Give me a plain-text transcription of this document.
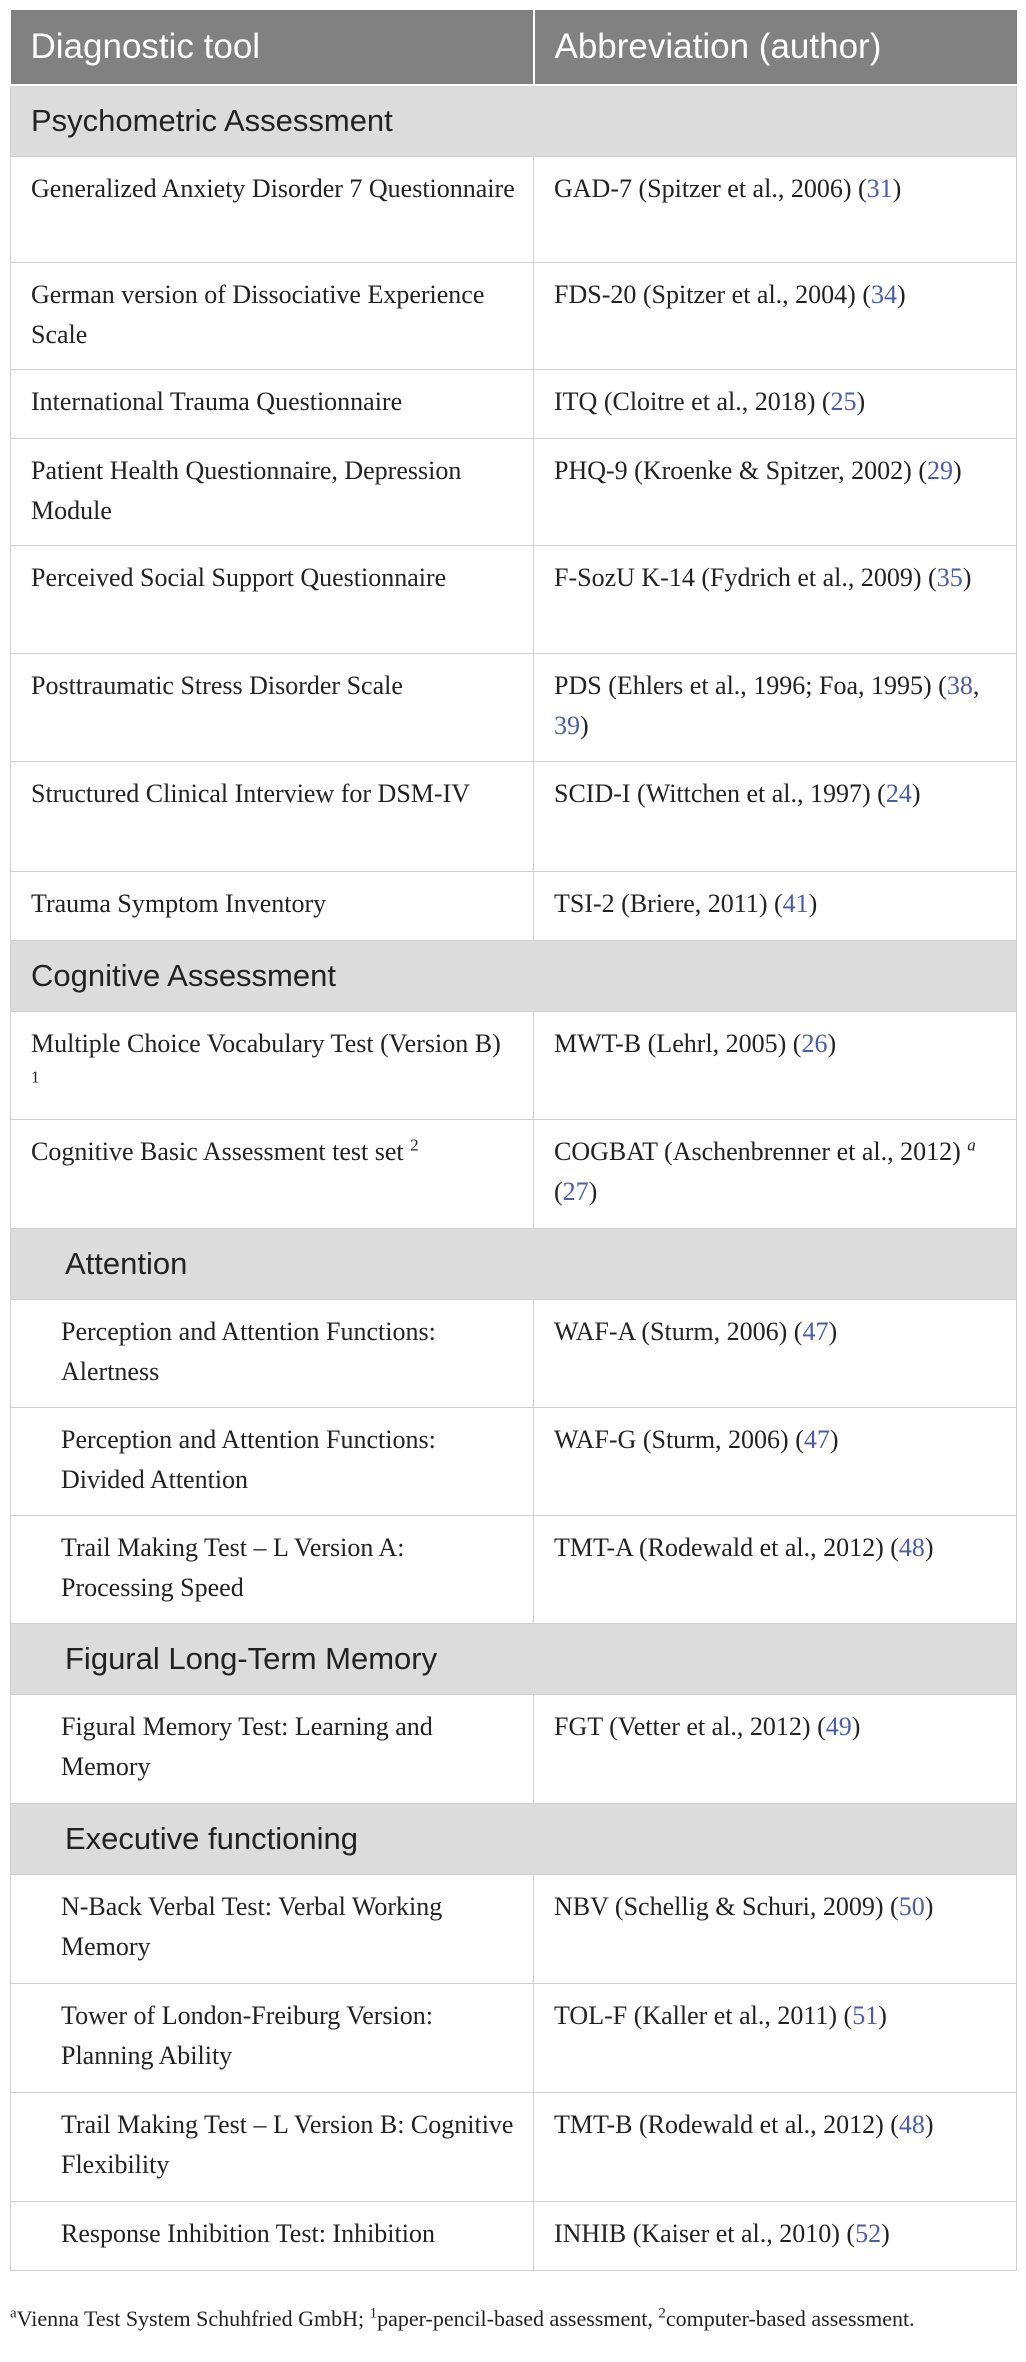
Diagnostic tool	Abbreviation (author)
Psychometric Assessment	
Generalized Anxiety Disorder 7 Questionnaire	GAD-7 (Spitzer et al., 2006) (31)
German version of Dissociative Experience Scale	FDS-20 (Spitzer et al., 2004) (34)
International Trauma Questionnaire	ITQ (Cloitre et al., 2018) (25)
Patient Health Questionnaire, Depression Module	PHQ-9 (Kroenke & Spitzer, 2002) (29)
Perceived Social Support Questionnaire	F-SozU K-14 (Fydrich et al., 2009) (35)
Posttraumatic Stress Disorder Scale	PDS (Ehlers et al., 1996; Foa, 1995) (38, 39)
Structured Clinical Interview for DSM-IV	SCID-I (Wittchen et al., 1997) (24)
Trauma Symptom Inventory	TSI-2 (Briere, 2011) (41)
Cognitive Assessment	
Multiple Choice Vocabulary Test (Version B) $^1$	MWT-B (Lehrl, 2005) (26)
Cognitive Basic Assessment test set $^2$	COGBAT (Aschenbrenner et al., 2012) $^a$ (27)
Attention	
Perception and Attention Functions: Alertness	WAF-A (Sturm, 2006) (47)
Perception and Attention Functions: Divided Attention	WAF-G (Sturm, 2006) (47)
Trail Making Test – L Version A: Processing Speed	TMT-A (Rodewald et al., 2012) (48)
Figural Long-Term Memory	
Figural Memory Test: Learning and Memory	FGT (Vetter et al., 2012) (49)
Executive functioning	
N-Back Verbal Test: Verbal Working Memory	NBV (Schellig & Schuri, 2009) (50)
Tower of London-Freiburg Version: Planning Ability	TOL-F (Kaller et al., 2011) (51)
Trail Making Test – L Version B: Cognitive Flexibility	TMT-B (Rodewald et al., 2012) (48)
Response Inhibition Test: Inhibition	INHIB (Kaiser et al., 2010) (52)
$^a$Vienna Test System Schuhfried GmbH; $^1$paper-pencil-based assessment, $^2$computer-based assessment.
